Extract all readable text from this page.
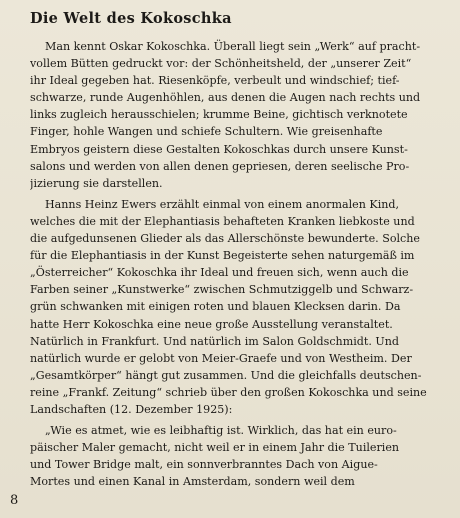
Die Welt des Kokoschka
Man kennt Oskar Kokoschka. Überall liegt sein „Werk“ auf pracht-
vollem Bütten gedruckt vor: der Schönheitsheld, der „unserer Zeit“
ihr Ideal gegeben hat. Riesenköpfe, verbeult und windschief; tief-
schwarze, runde Augenhöhlen, aus denen die Augen nach rechts und
links zugleich herausschielen; krumme Beine, gichtisch verknotete
Finger, hohle Wangen und schiefe Schultern. Wie greisenhafte
Embryos geistern diese Gestalten Kokoschkas durch unsere Kunst-
salons und werden von allen denen gepriesen, deren seelische Pro-
jizierung sie darstellen.
Hanns Heinz Ewers erzählt einmal von einem anormalen Kind,
welches die mit der Elephantiasis behafteten Kranken liebkoste und
die aufgedunsenen Glieder als das Allerschönste bewunderte. Solche
für die Elephantiasis in der Kunst Begeisterte sehen naturgemäß im
„Österreicher“ Kokoschka ihr Ideal und freuen sich, wenn auch die
Farben seiner „Kunstwerke“ zwischen Schmutziggelb und Schwarz-
grün schwanken mit einigen roten und blauen Klecksen darin. Da
hatte Herr Kokoschka eine neue große Ausstellung veranstaltet.
Natürlich in Frankfurt. Und natürlich im Salon Goldschmidt. Und
natürlich wurde er gelobt von Meier-Graefe und von Westheim. Der
„Gesamtkörper“ hängt gut zusammen. Und die gleichfalls deutschen-
reine „Frankf. Zeitung“ schrieb über den großen Kokoschka und seine
Landschaften (12. Dezember 1925):
„Wie es atmet, wie es leibhaftig ist. Wirklich, das hat ein euro-
päischer Maler gemacht, nicht weil er in einem Jahr die Tuilerien
und Tower Bridge malt, ein sonnverbranntes Dach von Aigue-
Mortes und einen Kanal in Amsterdam, sondern weil dem
8
